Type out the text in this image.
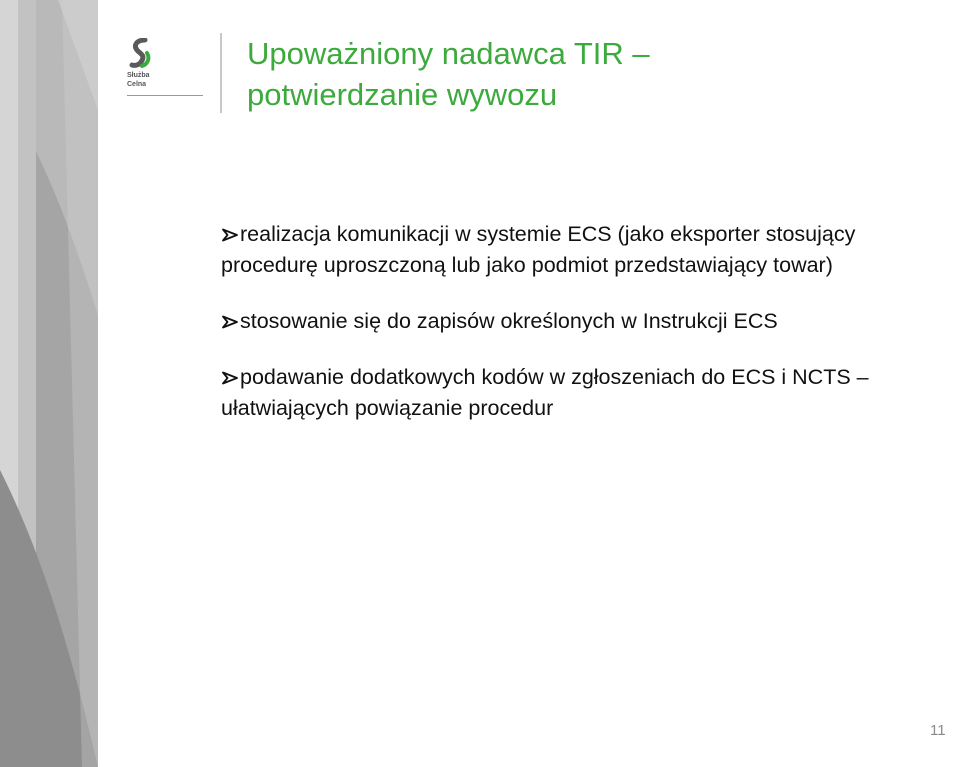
Służba
Celna
Upoważniony nadawca TIR –
potwierdzanie wywozu
realizacja komunikacji w systemie ECS (jako eksporter stosujący procedurę uproszczoną lub jako podmiot przedstawiający towar)
stosowanie się do zapisów określonych w Instrukcji ECS
podawanie dodatkowych kodów w zgłoszeniach do ECS i NCTS – ułatwiających powiązanie procedur
11
